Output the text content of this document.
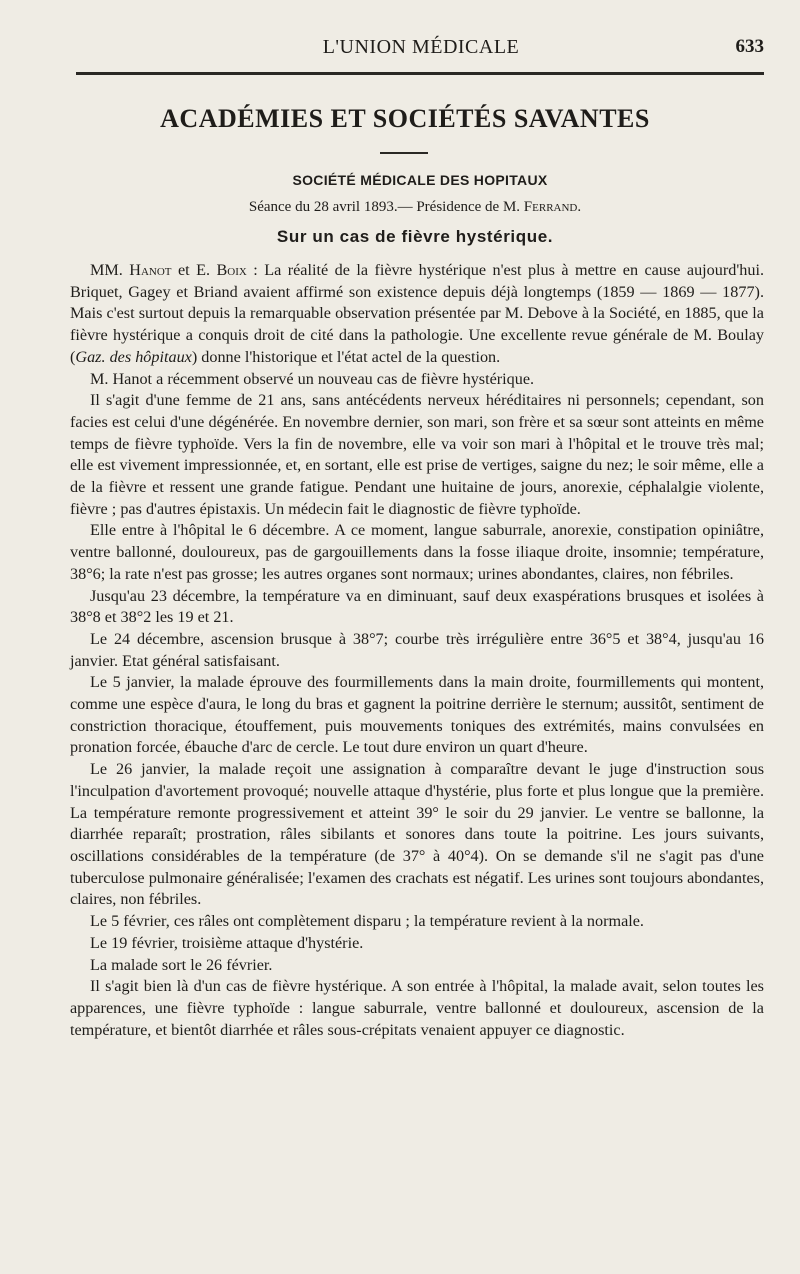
L'UNION MÉDICALE	633
ACADÉMIES ET SOCIÉTÉS SAVANTES
SOCIÉTÉ MÉDICALE DES HOPITAUX
Séance du 28 avril 1893.— Présidence de M. Ferrand.
Sur un cas de fièvre hystérique.

MM. Hanot et E. Boix : La réalité de la fièvre hystérique n'est plus à mettre en cause aujourd'hui. Briquet, Gagey et Briand avaient affirmé son existence depuis déjà longtemps (1859 — 1869 — 1877). Mais c'est surtout depuis la remarquable observation présentée par M. Debove à la Société, en 1885, que la fièvre hystérique a conquis droit de cité dans la pathologie. Une excellente revue générale de M. Boulay (Gaz. des hôpitaux) donne l'historique et l'état actel de la question.

M. Hanot a récemment observé un nouveau cas de fièvre hystérique.

Il s'agit d'une femme de 21 ans, sans antécédents nerveux héréditaires ni personnels; cependant, son facies est celui d'une dégénérée. En novembre dernier, son mari, son frère et sa sœur sont atteints en même temps de fièvre typhoïde. Vers la fin de novembre, elle va voir son mari à l'hôpital et le trouve très mal; elle est vivement impressionnée, et, en sortant, elle est prise de vertiges, saigne du nez; le soir même, elle a de la fièvre et ressent une grande fatigue. Pendant une huitaine de jours, anorexie, céphalalgie violente, fièvre ; pas d'autres épistaxis. Un médecin fait le diagnostic de fièvre typhoïde.

Elle entre à l'hôpital le 6 décembre. A ce moment, langue saburrale, anorexie, constipation opiniâtre, ventre ballonné, douloureux, pas de gargouillements dans la fosse iliaque droite, insomnie; température, 38°6; la rate n'est pas grosse; les autres organes sont normaux; urines abondantes, claires, non fébriles.

Jusqu'au 23 décembre, la température va en diminuant, sauf deux exaspérations brusques et isolées à 38°8 et 38°2 les 19 et 21.

Le 24 décembre, ascension brusque à 38°7; courbe très irrégulière entre 36°5 et 38°4, jusqu'au 16 janvier. Etat général satisfaisant.

Le 5 janvier, la malade éprouve des fourmillements dans la main droite, fourmillements qui montent, comme une espèce d'aura, le long du bras et gagnent la poitrine derrière le sternum; aussitôt, sentiment de constriction thoracique, étouffement, puis mouvements toniques des extrémités, mains convulsées en pronation forcée, ébauche d'arc de cercle. Le tout dure environ un quart d'heure.

Le 26 janvier, la malade reçoit une assignation à comparaître devant le juge d'instruction sous l'inculpation d'avortement provoqué; nouvelle attaque d'hystérie, plus forte et plus longue que la première. La température remonte progressivement et atteint 39° le soir du 29 janvier. Le ventre se ballonne, la diarrhée reparaît; prostration, râles sibilants et sonores dans toute la poitrine. Les jours suivants, oscillations considérables de la température (de 37° à 40°4). On se demande s'il ne s'agit pas d'une tuberculose pulmonaire généralisée; l'examen des crachats est négatif. Les urines sont toujours abondantes, claires, non fébriles.

Le 5 février, ces râles ont complètement disparu ; la température revient à la normale.

Le 19 février, troisième attaque d'hystérie.

La malade sort le 26 février.

Il s'agit bien là d'un cas de fièvre hystérique. A son entrée à l'hôpital, la malade avait, selon toutes les apparences, une fièvre typhoïde : langue saburrale, ventre ballonné et douloureux, ascension de la température, et bientôt diarrhée et râles sous-crépitats venaient appuyer ce diagnostic.
